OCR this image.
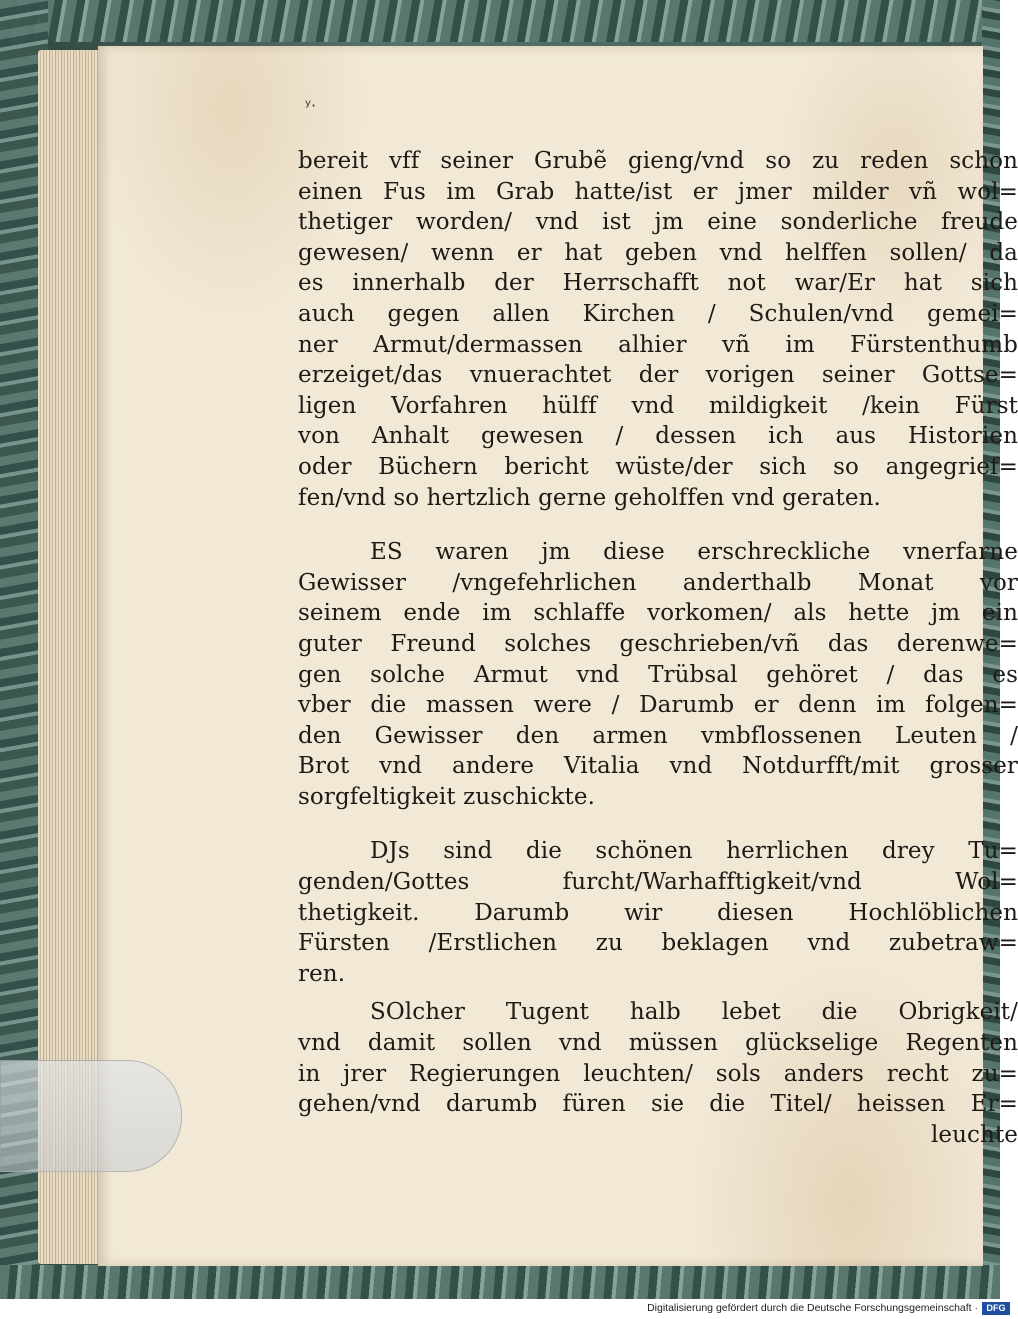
ʸ·
bereit vff seiner Grubẽ gieng/vnd so zu reden schon
einen Fus im Grab hatte/ist er jmer milder vñ wol=
thetiger worden/ vnd ist jm eine sonderliche freude
gewesen/ wenn er hat geben vnd helffen sollen/ da
es innerhalb der Herrschafft not war/Er hat sich
auch gegen allen Kirchen / Schulen/vnd gemei=
ner Armut/dermassen alhier vñ im Fürstenthumb
erzeiget/das vnuerachtet der vorigen seiner Gottse=
ligen Vorfahren hülff vnd mildigkeit /kein Fürst
von Anhalt gewesen / dessen ich aus Historien
oder Büchern bericht wüste/der sich so angegrief=
fen/vnd so hertzlich gerne geholffen vnd geraten.
ES waren jm diese erschreckliche vnerfarne
Gewisser /vngefehrlichen anderthalb Monat vor
seinem ende im schlaffe vorkomen/ als hette jm ein
guter Freund solches geschrieben/vñ das derenwe=
gen solche Armut vnd Trübsal gehöret / das es
vber die massen were / Darumb er denn im folgen=
den Gewisser den armen vmbflossenen Leuten /
Brot vnd andere Vitalia vnd Notdurfft/mit grosser
sorgfeltigkeit zuschickte.
DJs sind die schönen herrlichen drey Tu=
genden/Gottes furcht/Warhafftigkeit/vnd Wol=
thetigkeit. Darumb wir diesen Hochlöblichen
Fürsten /Erstlichen zu beklagen vnd zubetraw=
ren.
SOlcher Tugent halb lebet die Obrigkeit/
vnd damit sollen vnd müssen glückselige Regenten
in jrer Regierungen leuchten/ sols anders recht zu=
gehen/vnd darumb füren sie die Titel/ heissen Er=
leuchte
Digitalisierung gefördert durch die Deutsche Forschungsgemeinschaft · DFG
